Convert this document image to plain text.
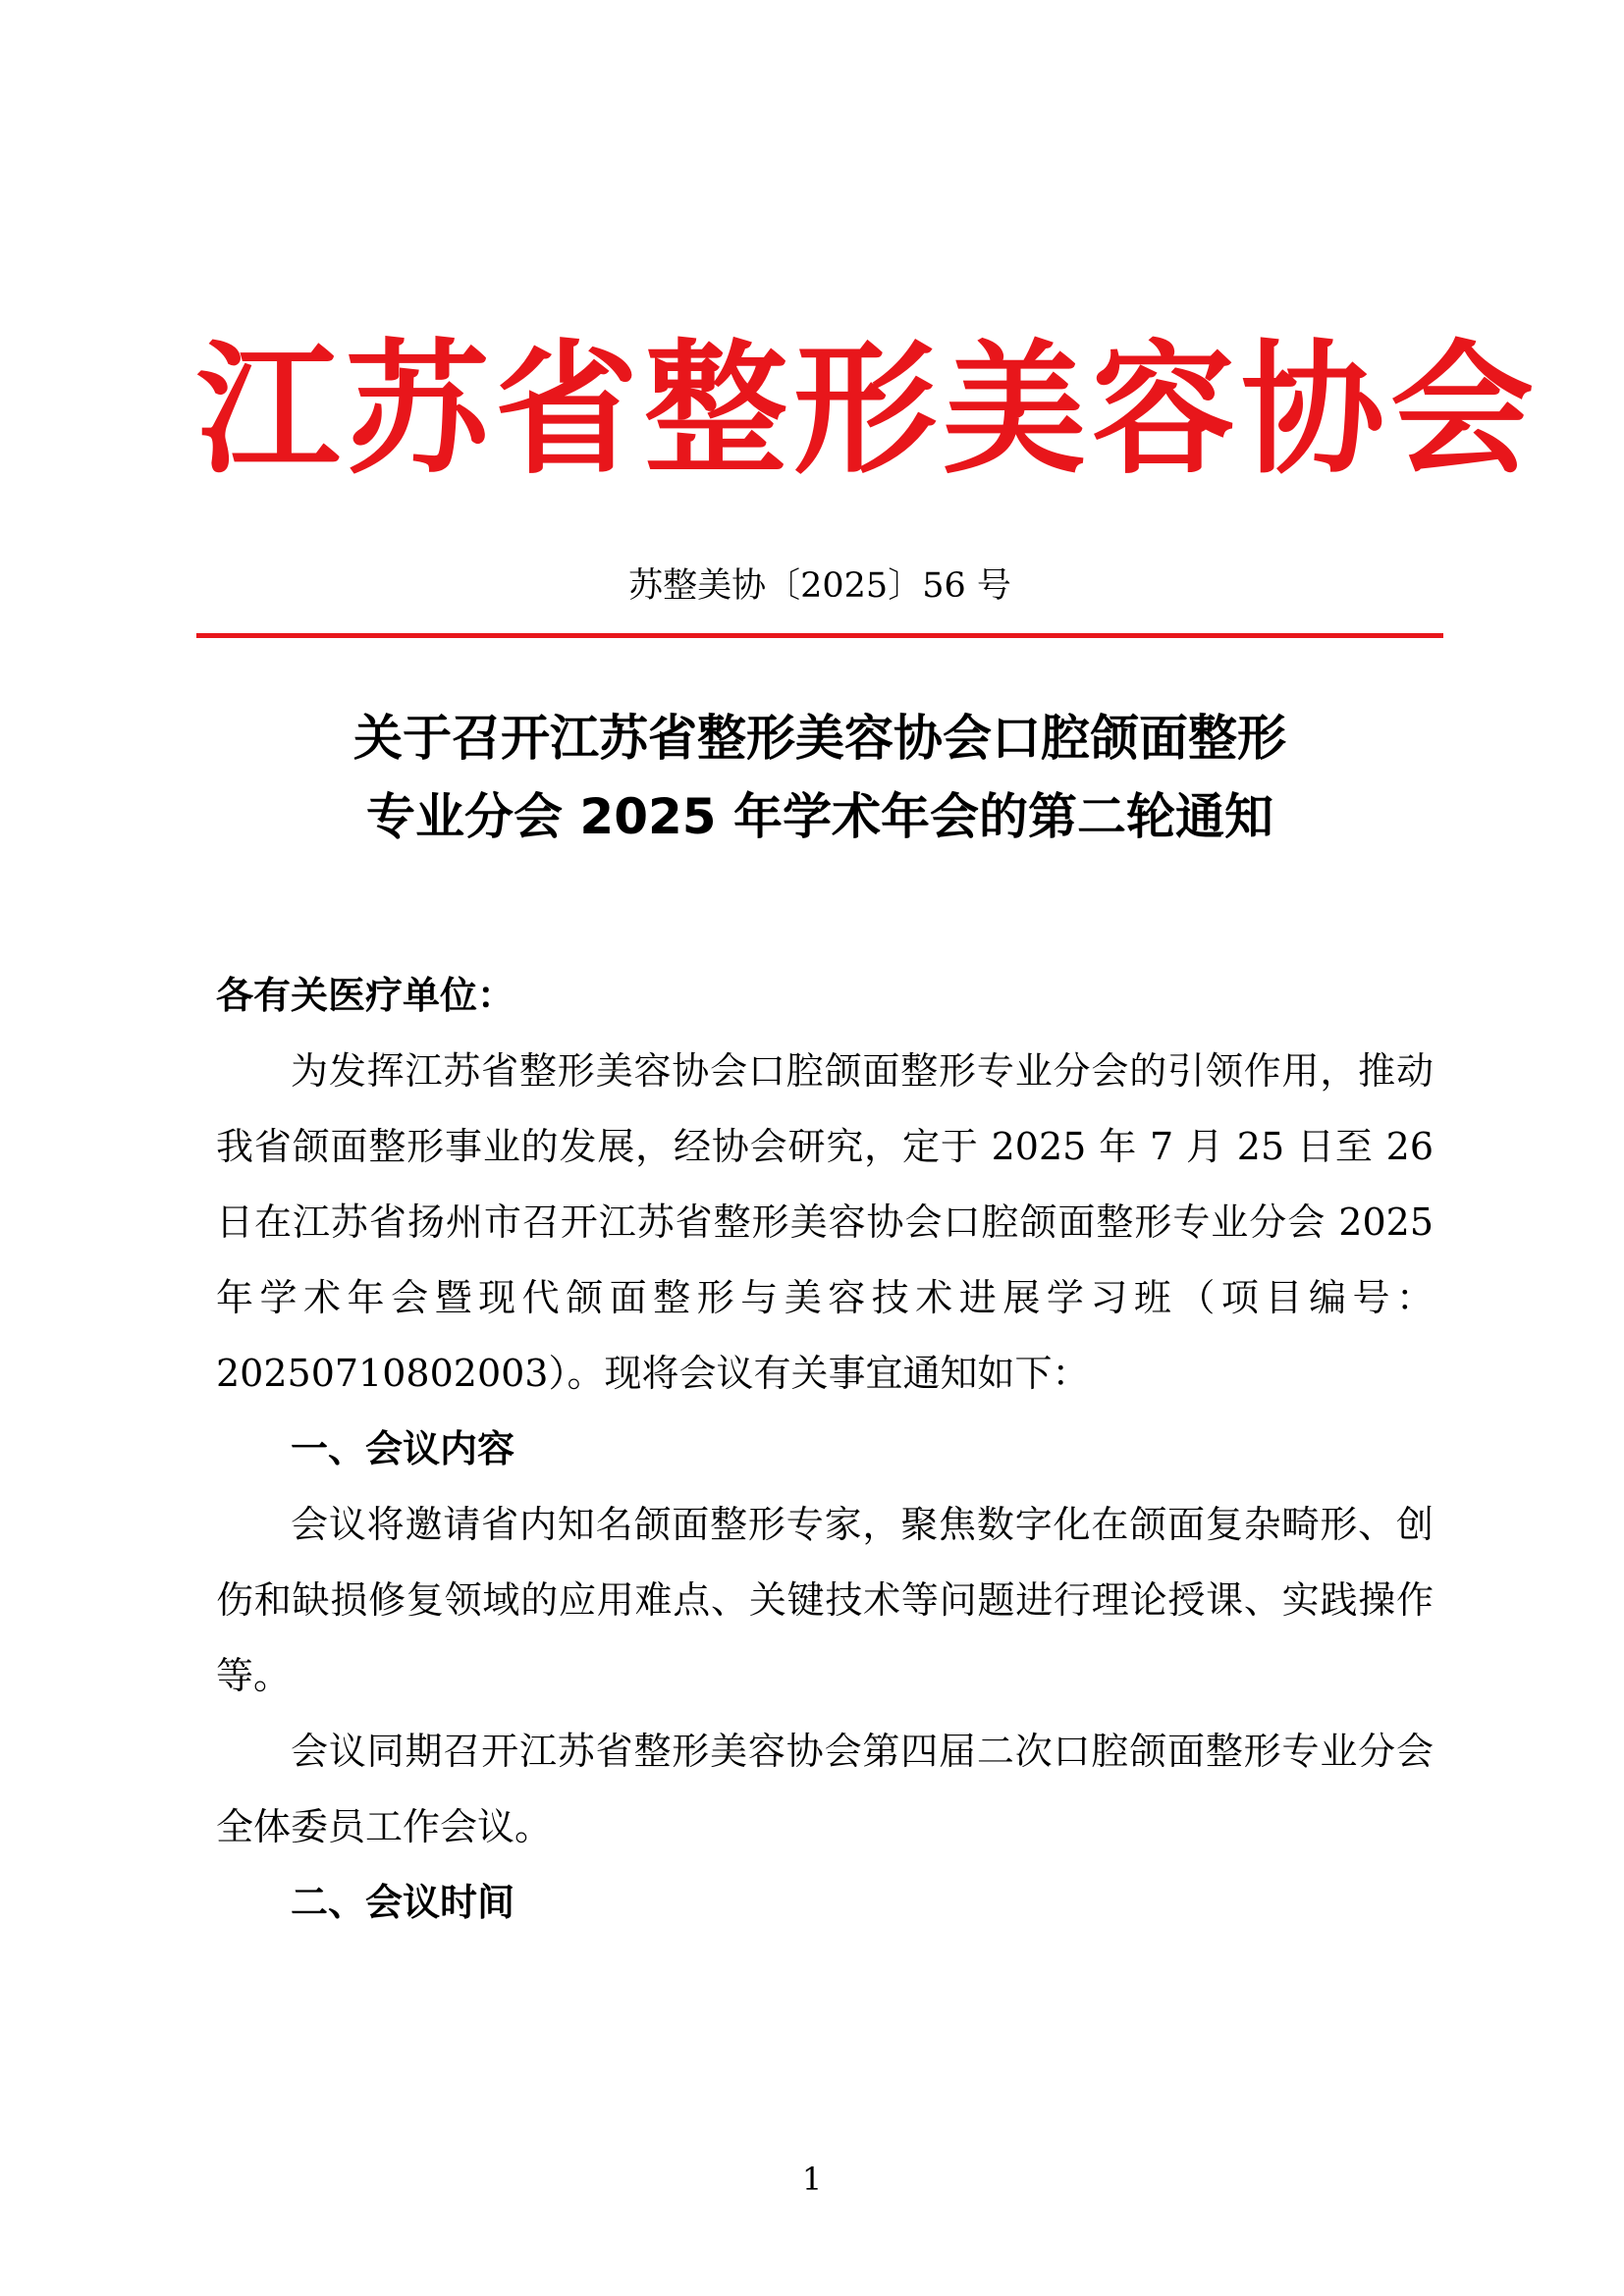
江苏省整形美容协会
苏整美协〔2025〕56 号
关于召开江苏省整形美容协会口腔颌面整形
专业分会 2025 年学术年会的第二轮通知

各有关医疗单位：

为发挥江苏省整形美容协会口腔颌面整形专业分会的引领作用，推动我省颌面整形事业的发展，经协会研究，定于 2025 年 7 月 25 日至 26 日在江苏省扬州市召开江苏省整形美容协会口腔颌面整形专业分会 2025 年学术年会暨现代颌面整形与美容技术进展学习班（项目编号：20250710802003）。现将会议有关事宜通知如下：

一、会议内容

会议将邀请省内知名颌面整形专家，聚焦数字化在颌面复杂畸形、创伤和缺损修复领域的应用难点、关键技术等问题进行理论授课、实践操作等。

会议同期召开江苏省整形美容协会第四届二次口腔颌面整形专业分会全体委员工作会议。

二、会议时间

1
